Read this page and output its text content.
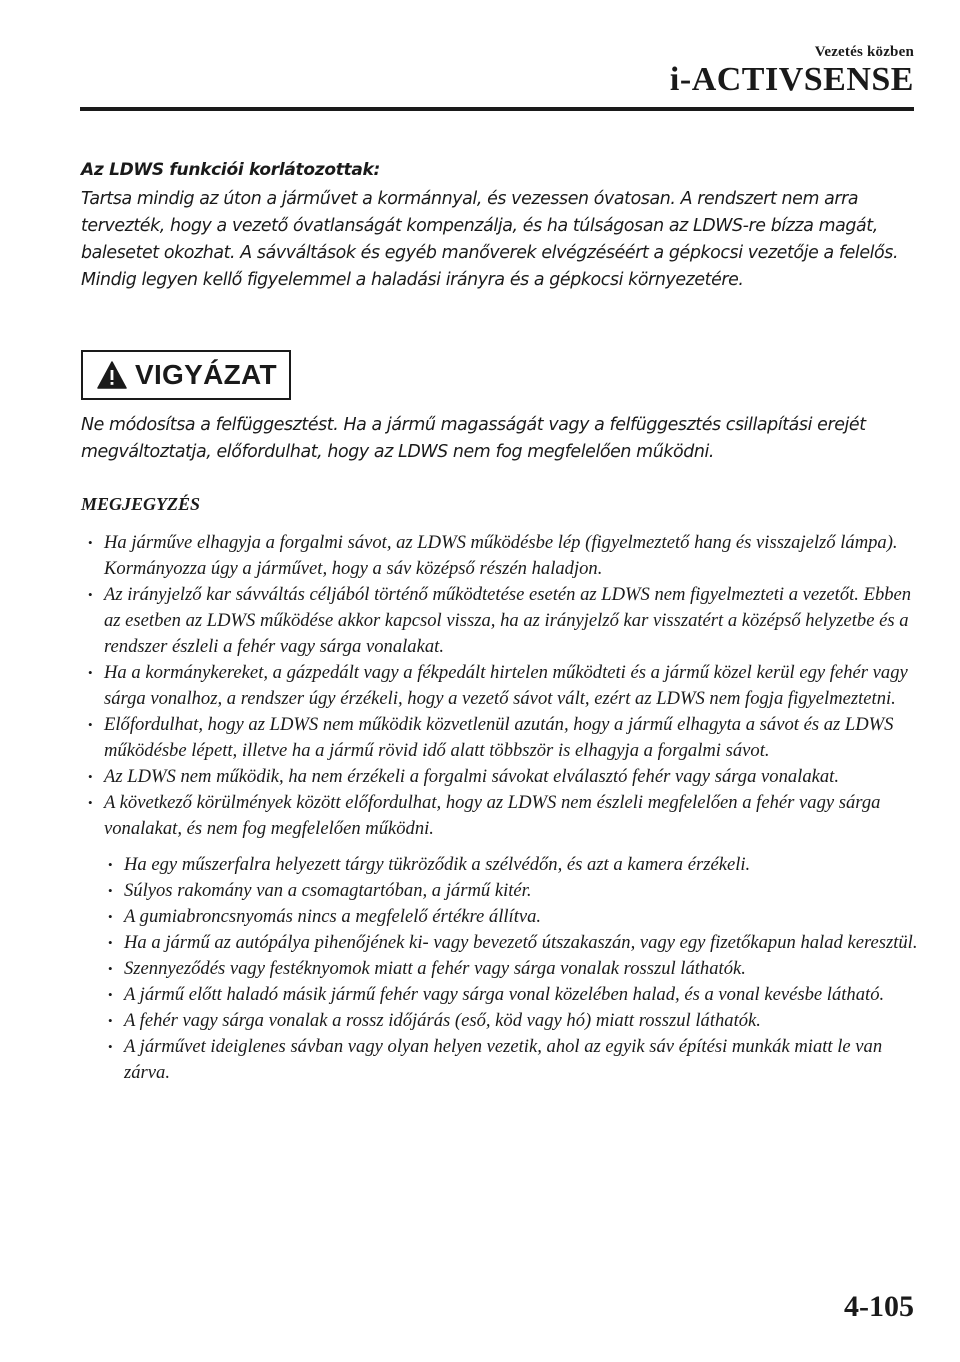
Vezetés közben
i-ACTIVSENSE
Az LDWS funkciói korlátozottak:

Tartsa mindig az úton a járművet a kormánnyal, és vezessen óvatosan. A rendszert nem arra tervezték, hogy a vezető óvatlanságát kompenzálja, és ha túlságosan az LDWS-re bízza magát, balesetet okozhat. A sávváltások és egyéb manőverek elvégzéséért a gépkocsi vezetője a felelős. Mindig legyen kellő figyelemmel a haladási irányra és a gépkocsi környezetére.

VIGYÁZAT

Ne módosítsa a felfüggesztést. Ha a jármű magasságát vagy a felfüggesztés csillapítási erejét megváltoztatja, előfordulhat, hogy az LDWS nem fog megfelelően működni.

MEGJEGYZÉS
• Ha járműve elhagyja a forgalmi sávot, az LDWS működésbe lép (figyelmeztető hang és visszajelző lámpa). Kormányozza úgy a járművet, hogy a sáv középső részén haladjon.
• Az irányjelző kar sávváltás céljából történő működtetése esetén az LDWS nem figyelmezteti a vezetőt. Ebben az esetben az LDWS működése akkor kapcsol vissza, ha az irányjelző kar visszatért a középső helyzetbe és a rendszer észleli a fehér vagy sárga vonalakat.
• Ha a kormánykereket, a gázpedált vagy a fékpedált hirtelen működteti és a jármű közel kerül egy fehér vagy sárga vonalhoz, a rendszer úgy érzékeli, hogy a vezető sávot vált, ezért az LDWS nem fogja figyelmeztetni.
• Előfordulhat, hogy az LDWS nem működik közvetlenül azután, hogy a jármű elhagyta a sávot és az LDWS működésbe lépett, illetve ha a jármű rövid idő alatt többször is elhagyja a forgalmi sávot.
• Az LDWS nem működik, ha nem érzékeli a forgalmi sávokat elválasztó fehér vagy sárga vonalakat.
• A következő körülmények között előfordulhat, hogy az LDWS nem észleli megfelelően a fehér vagy sárga vonalakat, és nem fog megfelelően működni.
• Ha egy műszerfalra helyezett tárgy tükröződik a szélvédőn, és azt a kamera érzékeli.
• Súlyos rakomány van a csomagtartóban, a jármű kitér.
• A gumiabroncsnyomás nincs a megfelelő értékre állítva.
• Ha a jármű az autópálya pihenőjének ki- vagy bevezető útszakaszán, vagy egy fizetőkapun halad keresztül.
• Szennyeződés vagy festéknyomok miatt a fehér vagy sárga vonalak rosszul láthatók.
• A jármű előtt haladó másik jármű fehér vagy sárga vonal közelében halad, és a vonal kevésbe látható.
• A fehér vagy sárga vonalak a rossz időjárás (eső, köd vagy hó) miatt rosszul láthatók.
• A járművet ideiglenes sávban vagy olyan helyen vezetik, ahol az egyik sáv építési munkák miatt le van zárva.
4-105
